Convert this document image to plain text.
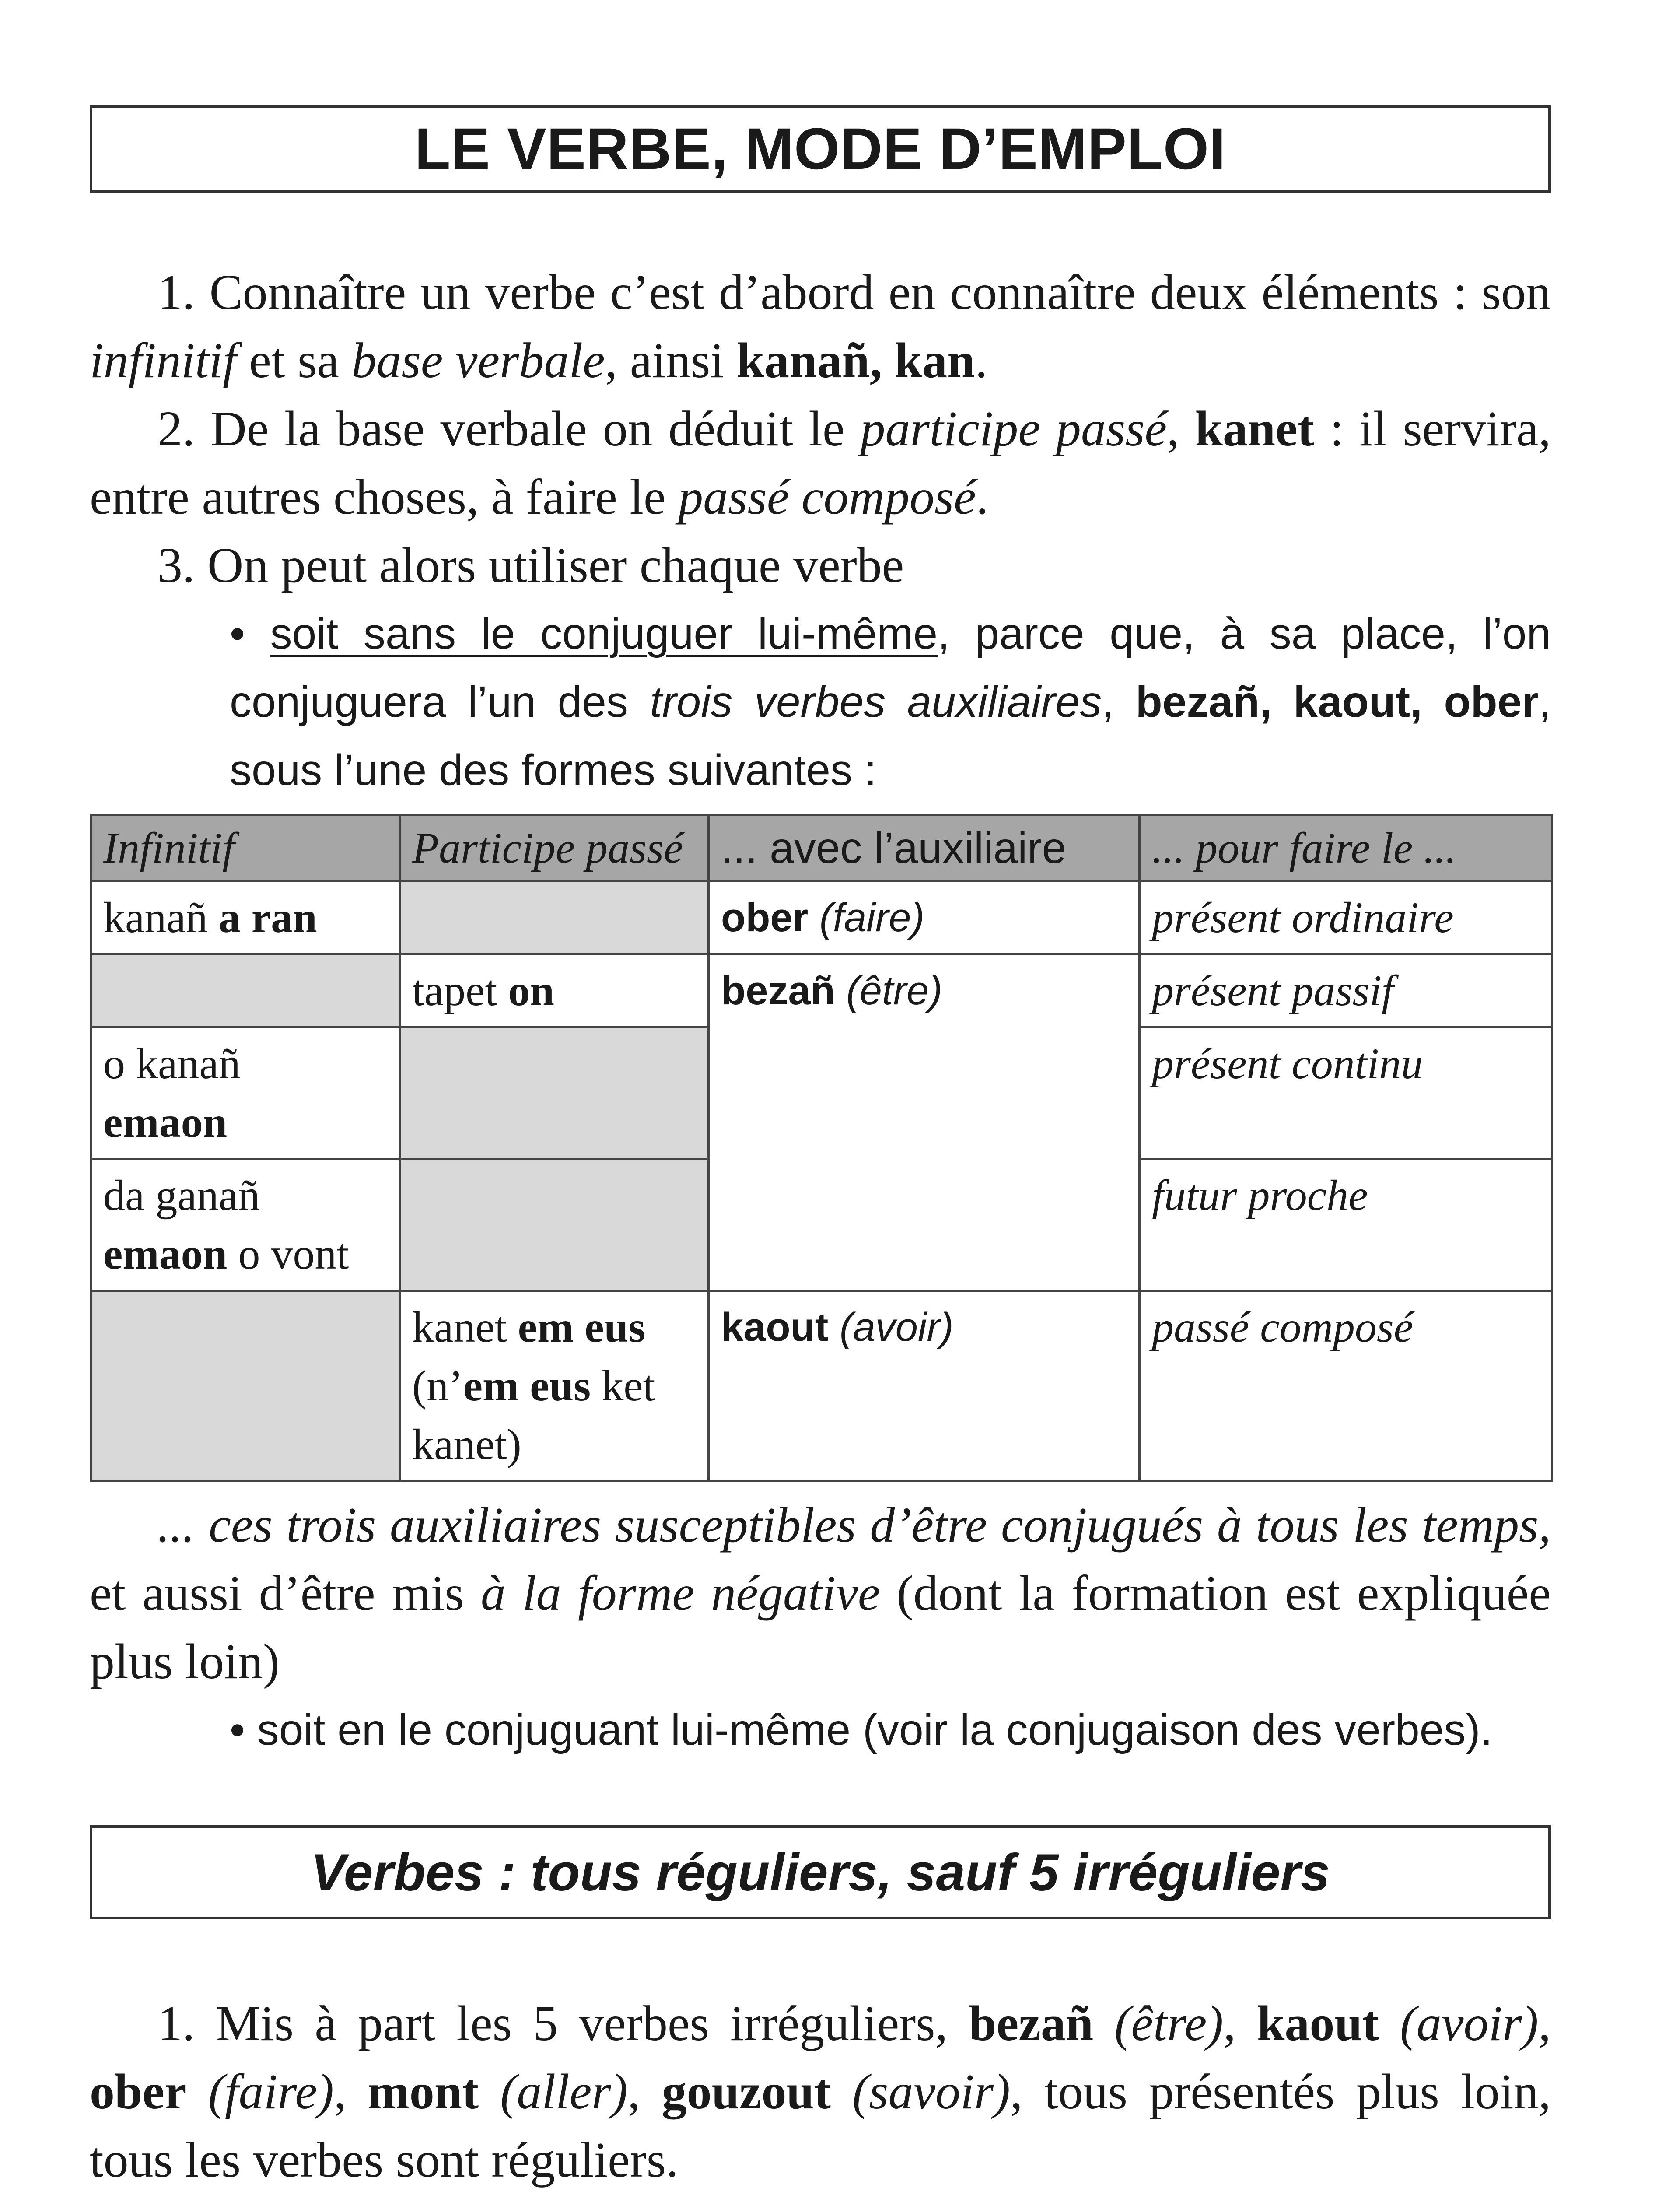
LE VERBE, MODE D’EMPLOI

1. Connaître un verbe c’est d’abord en connaître deux éléments : son infinitif et sa base verbale, ainsi kanañ, kan.

2. De la base verbale on déduit le participe passé, kanet : il servira, entre autres choses, à faire le passé composé.

3. On peut alors utiliser chaque verbe

• soit sans le conjuguer lui-même, parce que, à sa place, l’on conjuguera l’un des trois verbes auxiliaires, bezañ, kaout, ober, sous l’une des formes suivantes :

Infinitif	Participe passé	... avec l’auxiliaire	... pour faire le ...
kanañ a ran		ober (faire)	présent ordinaire
	tapet on	bezañ (être)	présent passif
o kanañ
emaon			présent continu
da ganañ
emaon o vont			futur proche
	kanet em eus (n’em eus ket kanet)	kaout (avoir)	passé composé

... ces trois auxiliaires susceptibles d’être conjugués à tous les temps, et aussi d’être mis à la forme négative (dont la formation est expliquée plus loin)

• soit en le conjuguant lui-même (voir la conjugaison des verbes).

Verbes : tous réguliers, sauf 5 irréguliers

1. Mis à part les 5 verbes irréguliers, bezañ (être), kaout (avoir), ober (faire), mont (aller), gouzout (savoir), tous présentés plus loin, tous les verbes sont réguliers.
